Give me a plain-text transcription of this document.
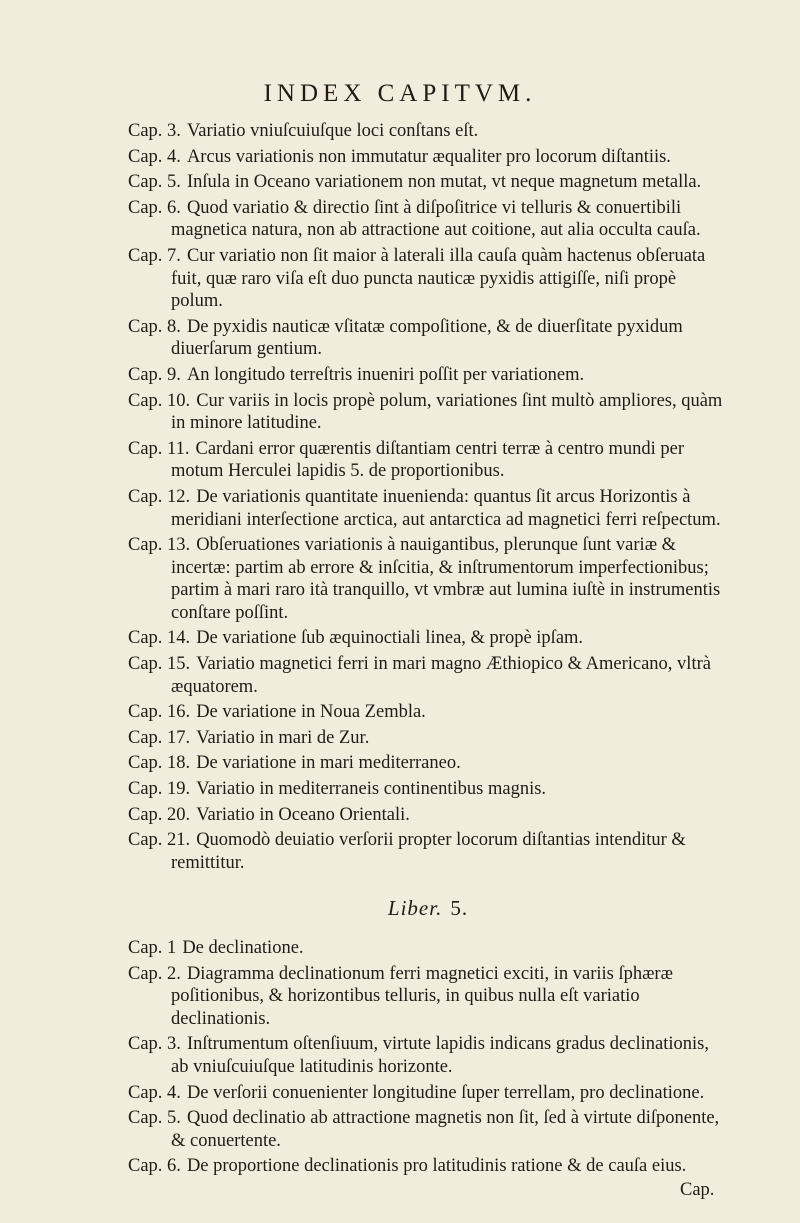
INDEX CAPITVM.
Cap. 3. Variatio vniuſcuiuſque loci conſtans eſt.
Cap. 4. Arcus variationis non immutatur æqualiter pro locorum diſtantiis.
Cap. 5. Inſula in Oceano variationem non mutat, vt neque magnetum metalla.
Cap. 6. Quod variatio & directio ſint à diſpoſitrice vi telluris & conuertibili magnetica natura, non ab attractione aut coitione, aut alia occulta cauſa.
Cap. 7. Cur variatio non ſit maior à laterali illa cauſa quàm hactenus obſeruata fuit, quæ raro viſa eſt duo puncta nauticæ pyxidis attigiſſe, niſi propè polum.
Cap. 8. De pyxidis nauticæ vſitatæ compoſitione, & de diuerſitate pyxidum diuerſarum gentium.
Cap. 9. An longitudo terreſtris inueniri poſſit per variationem.
Cap. 10. Cur variis in locis propè polum, variationes ſint multò ampliores, quàm in minore latitudine.
Cap. 11. Cardani error quærentis diſtantiam centri terræ à centro mundi per motum Herculei lapidis 5. de proportionibus.
Cap. 12. De variationis quantitate inuenienda: quantus ſit arcus Horizontis à meridiani interſectione arctica, aut antarctica ad magnetici ferri reſpectum.
Cap. 13. Obſeruationes variationis à nauigantibus, plerunque ſunt variæ & incertæ: partim ab errore & inſcitia, & inſtrumentorum imperfectionibus; partim à mari raro ità tranquillo, vt vmbræ aut lumina iuſtè in instrumentis conſtare poſſint.
Cap. 14. De variatione ſub æquinoctiali linea, & propè ipſam.
Cap. 15. Variatio magnetici ferri in mari magno Æthiopico & Americano, vltrà æquatorem.
Cap. 16. De variatione in Noua Zembla.
Cap. 17. Variatio in mari de Zur.
Cap. 18. De variatione in mari mediterraneo.
Cap. 19. Variatio in mediterraneis continentibus magnis.
Cap. 20. Variatio in Oceano Orientali.
Cap. 21. Quomodò deuiatio verſorii propter locorum diſtantias intenditur & remittitur.
Liber. 5.
Cap. 1 De declinatione.
Cap. 2. Diagramma declinationum ferri magnetici exciti, in variis ſphæræ poſitionibus, & horizontibus telluris, in quibus nulla eſt variatio declinationis.
Cap. 3. Inſtrumentum oſtenſiuum, virtute lapidis indicans gradus declinationis, ab vniuſcuiuſque latitudinis horizonte.
Cap. 4. De verſorii conuenienter longitudine ſuper terrellam, pro declinatione.
Cap. 5. Quod declinatio ab attractione magnetis non ſit, ſed à virtute diſponente, & conuertente.
Cap. 6. De proportione declinationis pro latitudinis ratione & de cauſa eius.
Cap.
